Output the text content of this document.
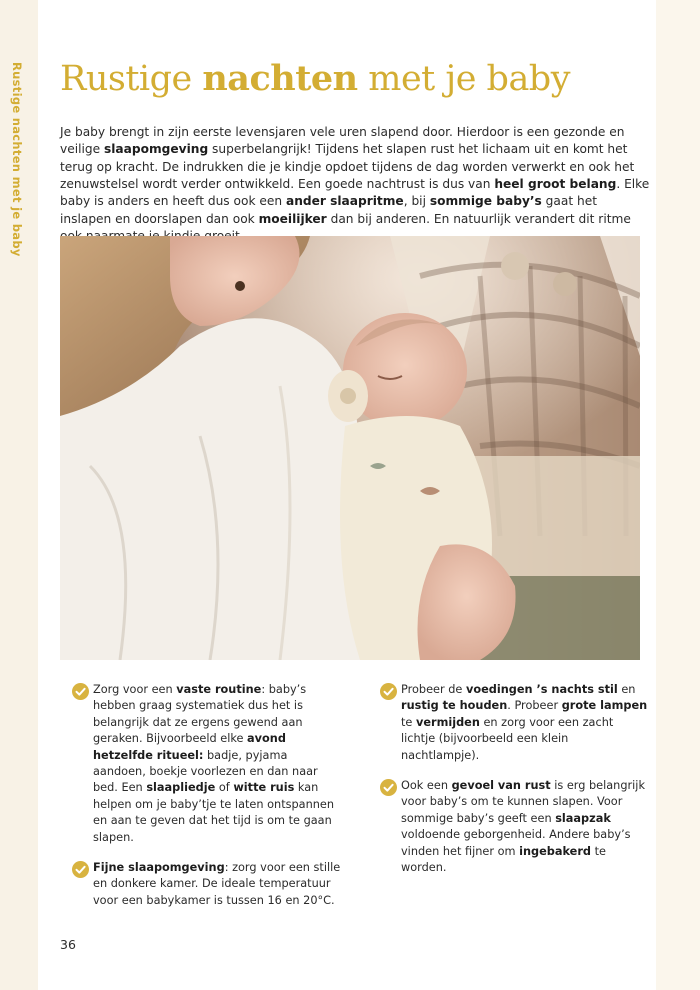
Rustige nachten met je baby Rustige nachten met je baby

Je baby brengt in zijn eerste levensjaren vele uren slapend door. Hierdoor is een gezonde en veilige slaapomgeving superbelangrijk! Tijdens het slapen rust het lichaam uit en komt het terug op kracht. De indrukken die je kindje opdoet tijdens de dag worden verwerkt en ook het zenuwstelsel wordt verder ontwikkeld. Een goede nachtrust is dus van heel groot belang. Elke baby is anders en heeft dus ook een ander slaapritme, bij sommige baby’s gaat het inslapen en doorslapen dan ook moeilijker dan bij anderen. En natuurlijk verandert dit ritme

Zorg voor een vaste routine: baby’s hebben graag systematiek dus het is belangrijk dat ze ergens gewend aan geraken. Bijvoorbeeld elke avond hetzelfde ritueel: badje, pyjama aandoen, boekje voorlezen en dan naar bed. Een slaapliedje of witte ruis kan helpen om je baby’tje te laten ontspannen en aan te geven dat het tijd is om te gaan slapen.
Fijne slaapomgeving: zorg voor een stille en donkere kamer. De ideale temperatuur voor een babykamer is tussen 16 en 20°C.
Probeer de voedingen ’s nachts stil en rustig te houden. Probeer grote lampen te vermijden en zorg voor een zacht lichtje (bijvoorbeeld een klein nachtlampje).
Ook een gevoel van rust is erg belangrijk voor baby’s om te kunnen slapen. Voor sommige baby’s geeft een slaapzak voldoende geborgenheid. Andere baby’s vinden het fijner om ingebakerd te worden.
36
